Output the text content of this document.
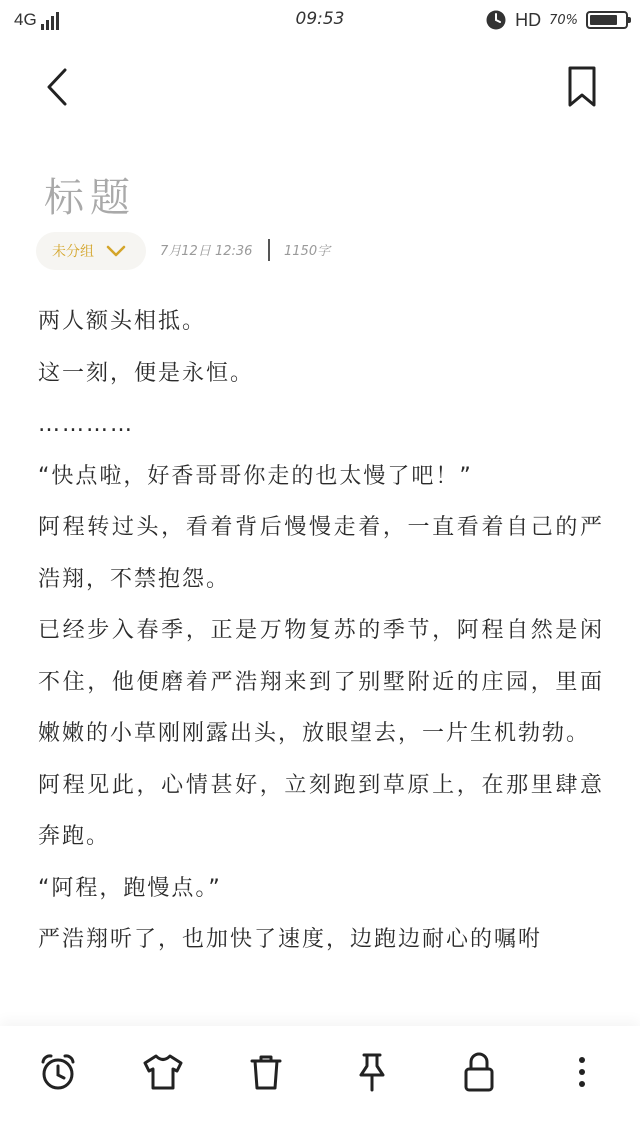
4G	09:53	HD 70%
标题
未分组	7月12日 12:36 1150字

两人额头相抵。

这一刻，便是永恒。

…………

“快点啦，好香哥哥你走的也太慢了吧！”

阿程转过头，看着背后慢慢走着，一直看着自己的严浩翔，不禁抱怨。

已经步入春季，正是万物复苏的季节，阿程自然是闲不住，他便磨着严浩翔来到了别墅附近的庄园，里面嫩嫩的小草刚刚露出头，放眼望去，一片生机勃勃。

阿程见此，心情甚好，立刻跑到草原上，在那里肆意奔跑。

“阿程，跑慢点。”

严浩翔听了，也加快了速度，边跑边耐心的嘱咐
